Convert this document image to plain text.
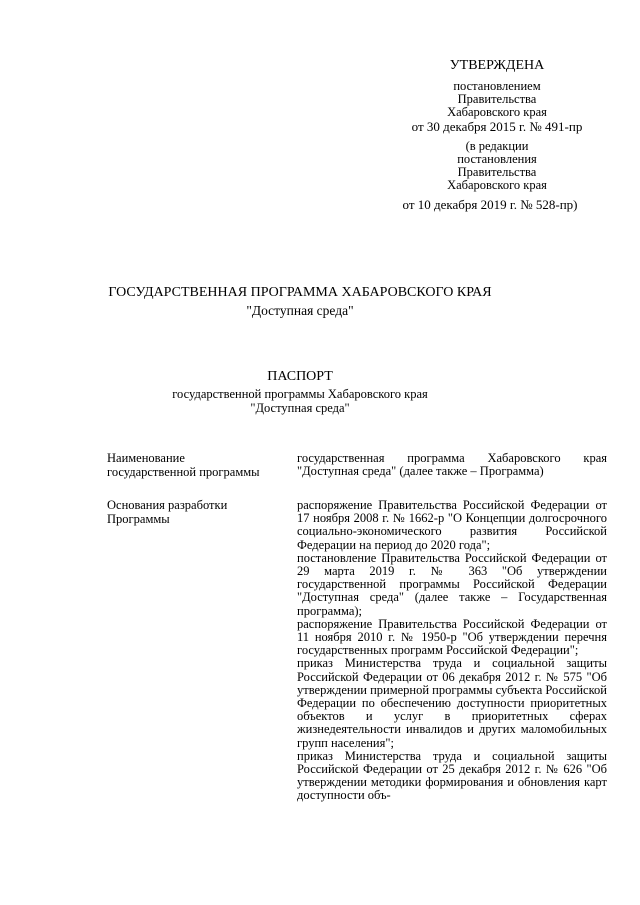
УТВЕРЖДЕНА
постановлением
Правительства
Хабаровского края
от 30 декабря 2015 г. № 491-пр
(в редакции
постановления
Правительства
Хабаровского края
от 10 декабря 2019 г. № 528-пр)
ГОСУДАРСТВЕННАЯ ПРОГРАММА ХАБАРОВСКОГО КРАЯ
"Доступная среда"
ПАСПОРТ
государственной программы Хабаровского края
"Доступная среда"
Наименование государственной программы

государственная программа Хабаровского края "Доступная среда" (далее также – Программа)

Основания разработки Программы

распоряжение Правительства Российской Федерации от 17 ноября 2008 г. № 1662-р "О Концепции долгосрочного социально-экономического развития Российской Федерации на период до 2020 года";

постановление Правительства Российской Федерации от 29 марта 2019 г. № 363 "Об утверждении государственной программы Российской Федерации "Доступная среда" (далее также – Государственная программа);

распоряжение Правительства Российской Федерации от 11 ноября 2010 г. № 1950-р "Об утверждении перечня государственных программ Российской Федерации";

приказ Министерства труда и социальной защиты Российской Федерации от 06 декабря 2012 г. № 575 "Об утверждении примерной программы субъекта Российской Федерации по обеспечению доступности приоритетных объектов и услуг в приоритетных сферах жизнедеятельности инвалидов и других маломобильных групп населения";

приказ Министерства труда и социальной защиты Российской Федерации от 25 декабря 2012 г. № 626 "Об утверждении методики формирования и обновления карт доступности объ-
